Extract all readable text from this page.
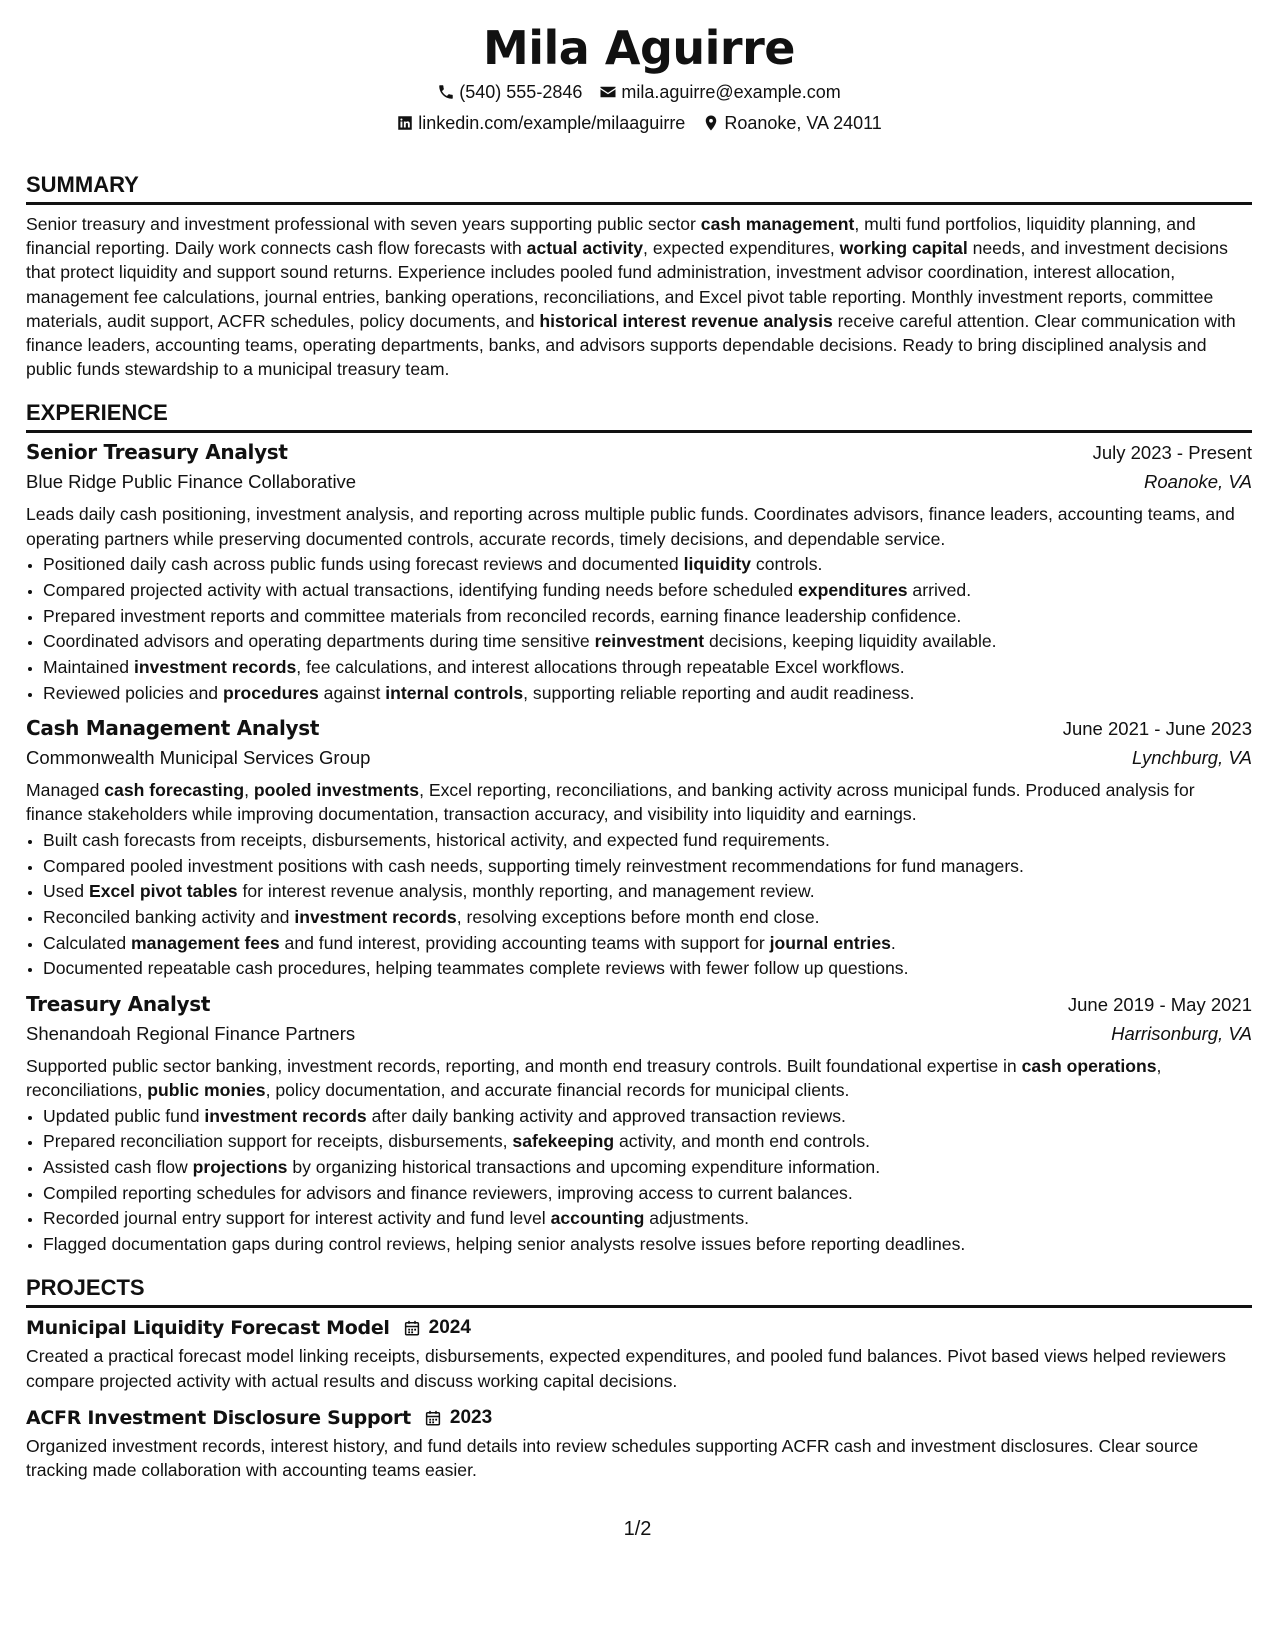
Mila Aguirre
(540) 555-2846 mila.aguirre@example.com
linkedin.com/example/milaaguirre Roanoke, VA 24011
SUMMARY

Senior treasury and investment professional with seven years supporting public sector cash management, multi fund portfolios, liquidity planning, and financial reporting. Daily work connects cash flow forecasts with actual activity, expected expenditures, working capital needs, and investment decisions that protect liquidity and support sound returns. Experience includes pooled fund administration, investment advisor coordination, interest allocation, management fee calculations, journal entries, banking operations, reconciliations, and Excel pivot table reporting. Monthly investment reports, committee materials, audit support, ACFR schedules, policy documents, and historical interest revenue analysis receive careful attention. Clear communication with finance leaders, accounting teams, operating departments, banks, and advisors supports dependable decisions. Ready to bring disciplined analysis and public funds stewardship to a municipal treasury team.

EXPERIENCE
Senior Treasury Analyst	July 2023 - Present
Blue Ridge Public Finance Collaborative	Roanoke, VA

Leads daily cash positioning, investment analysis, and reporting across multiple public funds. Coordinates advisors, finance leaders, accounting teams, and operating partners while preserving documented controls, accurate records, timely decisions, and dependable service.

• Positioned daily cash across public funds using forecast reviews and documented liquidity controls.
• Compared projected activity with actual transactions, identifying funding needs before scheduled expenditures arrived.
• Prepared investment reports and committee materials from reconciled records, earning finance leadership confidence.
• Coordinated advisors and operating departments during time sensitive reinvestment decisions, keeping liquidity available.
• Maintained investment records, fee calculations, and interest allocations through repeatable Excel workflows.
• Reviewed policies and procedures against internal controls, supporting reliable reporting and audit readiness.
Cash Management Analyst	June 2021 - June 2023
Commonwealth Municipal Services Group	Lynchburg, VA

Managed cash forecasting, pooled investments, Excel reporting, reconciliations, and banking activity across municipal funds. Produced analysis for finance stakeholders while improving documentation, transaction accuracy, and visibility into liquidity and earnings.

• Built cash forecasts from receipts, disbursements, historical activity, and expected fund requirements.
• Compared pooled investment positions with cash needs, supporting timely reinvestment recommendations for fund managers.
• Used Excel pivot tables for interest revenue analysis, monthly reporting, and management review.
• Reconciled banking activity and investment records, resolving exceptions before month end close.
• Calculated management fees and fund interest, providing accounting teams with support for journal entries.
• Documented repeatable cash procedures, helping teammates complete reviews with fewer follow up questions.
Treasury Analyst	June 2019 - May 2021
Shenandoah Regional Finance Partners	Harrisonburg, VA

Supported public sector banking, investment records, reporting, and month end treasury controls. Built foundational expertise in cash operations, reconciliations, public monies, policy documentation, and accurate financial records for municipal clients.

• Updated public fund investment records after daily banking activity and approved transaction reviews.
• Prepared reconciliation support for receipts, disbursements, safekeeping activity, and month end controls.
• Assisted cash flow projections by organizing historical transactions and upcoming expenditure information.
• Compiled reporting schedules for advisors and finance reviewers, improving access to current balances.
• Recorded journal entry support for interest activity and fund level accounting adjustments.
• Flagged documentation gaps during control reviews, helping senior analysts resolve issues before reporting deadlines.
PROJECTS
Municipal Liquidity Forecast Model 2024

Created a practical forecast model linking receipts, disbursements, expected expenditures, and pooled fund balances. Pivot based views helped reviewers compare projected activity with actual results and discuss working capital decisions.

ACFR Investment Disclosure Support 2023

Organized investment records, interest history, and fund details into review schedules supporting ACFR cash and investment disclosures. Clear source tracking made collaboration with accounting teams easier.

1/2
